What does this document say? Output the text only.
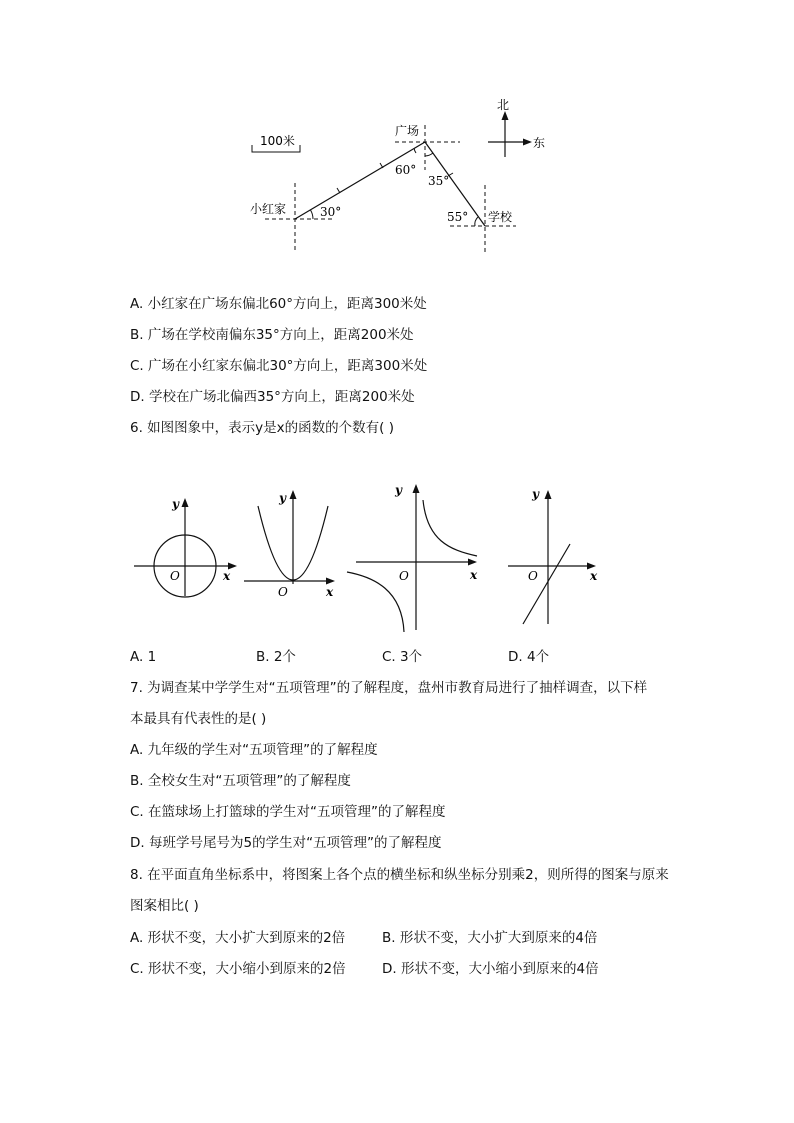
100米
北
东
广场
小红家
学校
60°
35°
30°	55°
A. 小红家在广场东偏北60°方向上，距离300米处
B. 广场在学校南偏东35°方向上，距离200米处
C. 广场在小红家东偏北30°方向上，距离300米处
D. 学校在广场北偏西35°方向上，距离200米处
6. 如图图象中，表示y是x的函数的个数有( )
y
x
O
y
x
O
y
x
O
y
x
O
A. 1	B. 2个	C. 3个	D. 4个
7. 为调查某中学学生对“五项管理”的了解程度，盘州市教育局进行了抽样调查，以下样
本最具有代表性的是( )
A. 九年级的学生对“五项管理”的了解程度
B. 全校女生对“五项管理”的了解程度
C. 在篮球场上打篮球的学生对“五项管理”的了解程度
D. 每班学号尾号为5的学生对“五项管理”的了解程度
8. 在平面直角坐标系中，将图案上各个点的横坐标和纵坐标分别乘2，则所得的图案与原来
图案相比( )
A. 形状不变，大小扩大到原来的2倍	B. 形状不变，大小扩大到原来的4倍
C. 形状不变，大小缩小到原来的2倍	D. 形状不变，大小缩小到原来的4倍
